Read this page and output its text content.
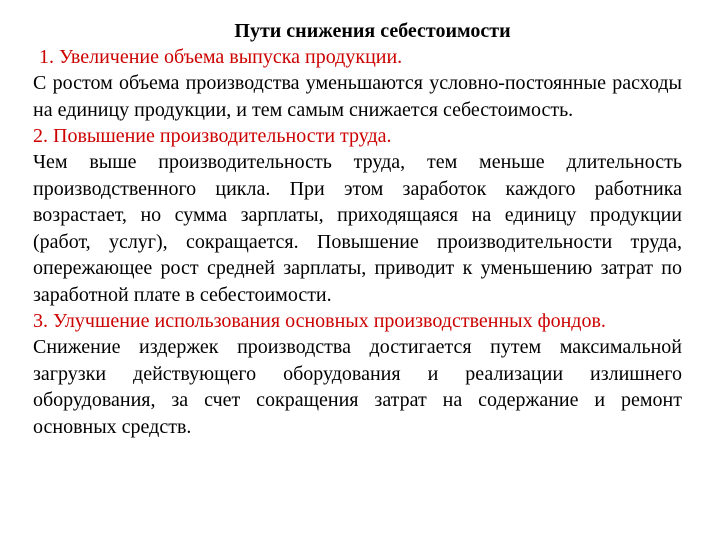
Пути снижения себестоимости

1. Увеличение объема выпуска продукции.

С ростом объема производства уменьшаются условно-постоянные расходы на единицу продукции, и тем самым снижается себестоимость.

2. Повышение производительности труда.

Чем выше производительность труда, тем меньше длительность производственного цикла. При этом заработок каждого работника возрастает, но сумма зарплаты, приходящаяся на единицу продукции (работ, услуг), сокращается. Повышение производительности труда, опережающее рост средней зарплаты, приводит к уменьшению затрат по заработной плате в себестоимости.

3. Улучшение использования основных производственных фондов.

Снижение издержек производства достигается путем максимальной загрузки действующего оборудования и реализации излишнего оборудования, за счет сокращения затрат на содержание и ремонт основных средств.
